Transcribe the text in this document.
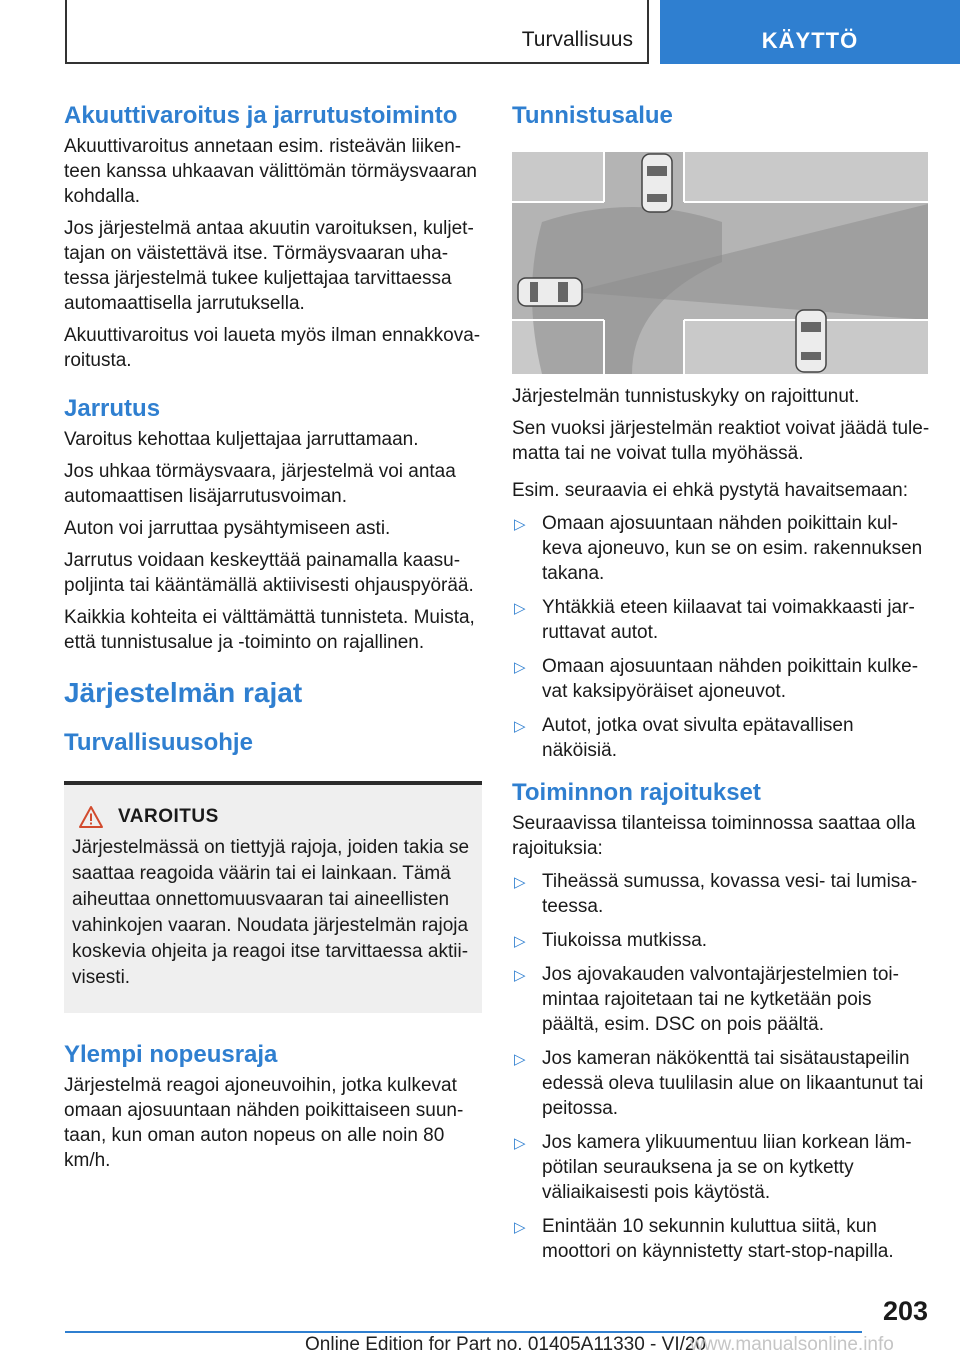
Turvallisuus	KÄYTTÖ
Akuuttivaroitus ja jarrutustoiminto

Akuuttivaroitus annetaan esim. risteävän liikenteen kanssa uhkaavan välittömän törmäysvaaran kohdalla.

Jos järjestelmä antaa akuutin varoituksen, kuljettajan on väistettävä itse. Törmäysvaaran uhatessa järjestelmä tukee kuljettajaa tarvittaessa automaattisella jarrutuksella.

Akuuttivaroitus voi laueta myös ilman ennakkovaroitusta.

Jarrutus

Varoitus kehottaa kuljettajaa jarruttamaan.

Jos uhkaa törmäysvaara, järjestelmä voi antaa automaattisen lisäjarrutusvoiman.

Auton voi jarruttaa pysähtymiseen asti.

Jarrutus voidaan keskeyttää painamalla kaasupoljinta tai kääntämällä aktiivisesti ohjauspyörää.

Kaikkia kohteita ei välttämättä tunnisteta. Muista, että tunnistusalue ja -toiminto on rajallinen.

Järjestelmän rajat
Turvallisuusohje
VAROITUS
Järjestelmässä on tiettyjä rajoja, joiden takia se saattaa reagoida väärin tai ei lainkaan. Tämä aiheuttaa onnettomuusvaaran tai aineellisten vahinkojen vaaran. Noudata järjestelmän rajoja koskevia ohjeita ja reagoi itse tarvittaessa aktiivisesti.
Ylempi nopeusraja

Järjestelmä reagoi ajoneuvoihin, jotka kulkevat omaan ajosuuntaan nähden poikittaiseen suuntaan, kun oman auton nopeus on alle noin 80 km/h.

Tunnistusalue

Järjestelmän tunnistuskyky on rajoittunut.

Sen vuoksi järjestelmän reaktiot voivat jäädä tulematta tai ne voivat tulla myöhässä.

Esim. seuraavia ei ehkä pystytä havaitsemaan:

▷ Omaan ajosuuntaan nähden poikittain kulkeva ajoneuvo, kun se on esim. rakennuksen takana.
▷ Yhtäkkiä eteen kiilaavat tai voimakkaasti jarruttavat autot.
▷ Omaan ajosuuntaan nähden poikittain kulkevat kaksipyöräiset ajoneuvot.
▷ Autot, jotka ovat sivulta epätavallisen näköisiä.
Toiminnon rajoitukset

Seuraavissa tilanteissa toiminnossa saattaa olla rajoituksia:

▷ Tiheässä sumussa, kovassa vesi- tai lumisateessa.
▷ Tiukoissa mutkissa.
▷ Jos ajovakauden valvontajärjestelmien toimintaa rajoitetaan tai ne kytketään pois päältä, esim. DSC on pois päältä.
▷ Jos kameran näkökenttä tai sisätaustapeilin edessä oleva tuulilasin alue on likaantunut tai peitossa.
▷ Jos kamera ylikuumentuu liian korkean lämpötilan seurauksena ja se on kytketty väliaikaisesti pois käytöstä.
▷ Enintään 10 sekunnin kuluttua siitä, kun moottori on käynnistetty start-stop-napilla.
203
Online Edition for Part no. 01405A11330 - VI/20
www.manualsonline.info
